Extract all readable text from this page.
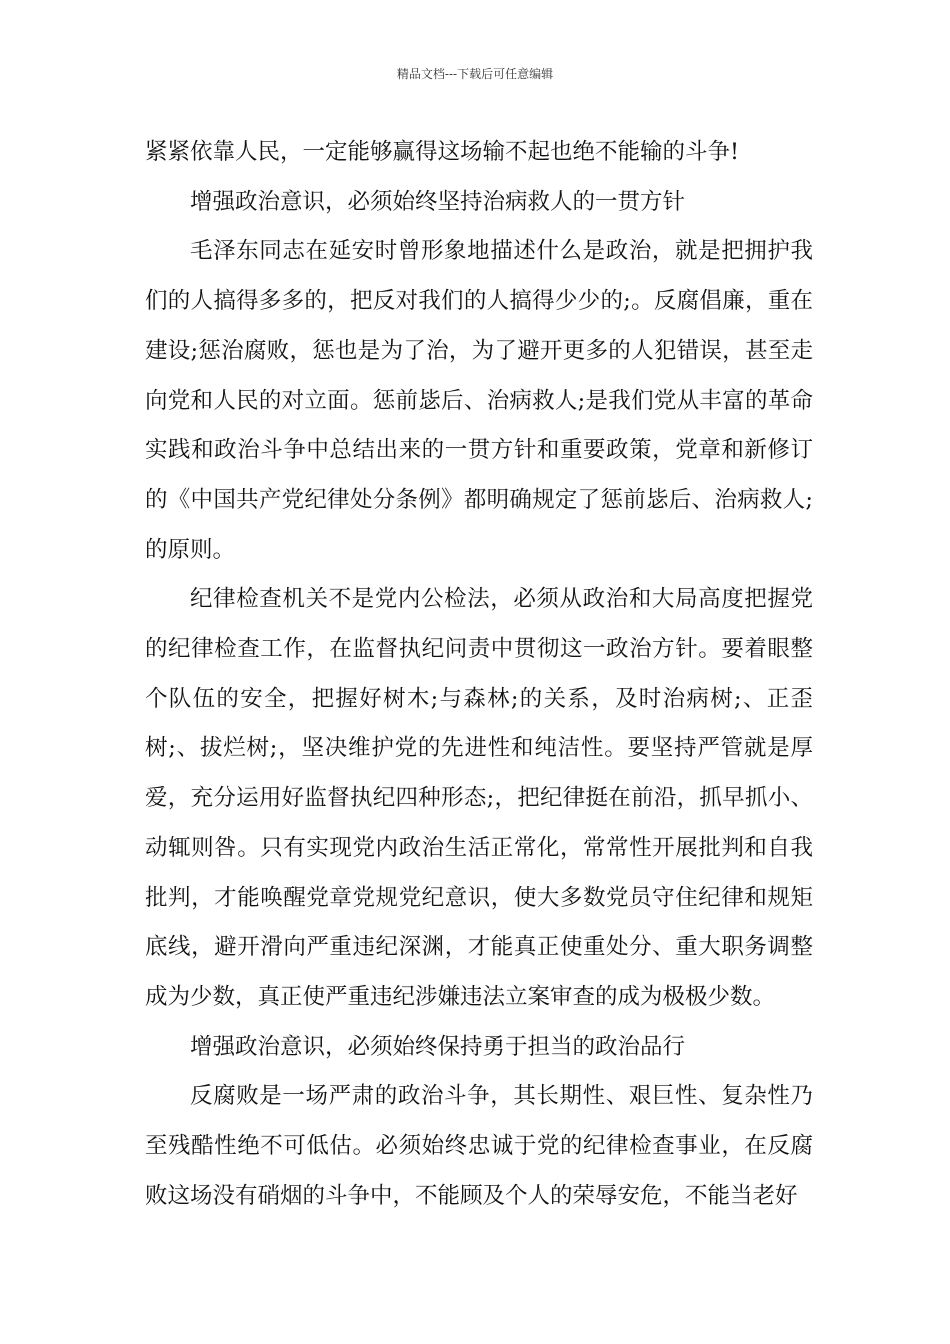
精品文档---下载后可任意编辑

紧紧依靠人民，一定能够赢得这场输不起也绝不能输的斗争!

增强政治意识，必须始终坚持治病救人的一贯方针

毛泽东同志在延安时曾形象地描述什么是政治，就是把拥护我们的人搞得多多的，把反对我们的人搞得少少的;。反腐倡廉，重在建设;惩治腐败，惩也是为了治，为了避开更多的人犯错误，甚至走向党和人民的对立面。惩前毖后、治病救人;是我们党从丰富的革命实践和政治斗争中总结出来的一贯方针和重要政策，党章和新修订的《中国共产党纪律处分条例》都明确规定了惩前毖后、治病救人;的原则。

纪律检查机关不是党内公检法，必须从政治和大局高度把握党的纪律检查工作，在监督执纪问责中贯彻这一政治方针。要着眼整个队伍的安全，把握好树木;与森林;的关系，及时治病树;、正歪树;、拔烂树;，坚决维护党的先进性和纯洁性。要坚持严管就是厚爱，充分运用好监督执纪四种形态;，把纪律挺在前沿，抓早抓小、动辄则咎。只有实现党内政治生活正常化，常常性开展批判和自我批判，才能唤醒党章党规党纪意识，使大多数党员守住纪律和规矩底线，避开滑向严重违纪深渊，才能真正使重处分、重大职务调整成为少数，真正使严重违纪涉嫌违法立案审查的成为极极少数。

增强政治意识，必须始终保持勇于担当的政治品行

反腐败是一场严肃的政治斗争，其长期性、艰巨性、复杂性乃至残酷性绝不可低估。必须始终忠诚于党的纪律检查事业，在反腐败这场没有硝烟的斗争中，不能顾及个人的荣辱安危，不能当老好
